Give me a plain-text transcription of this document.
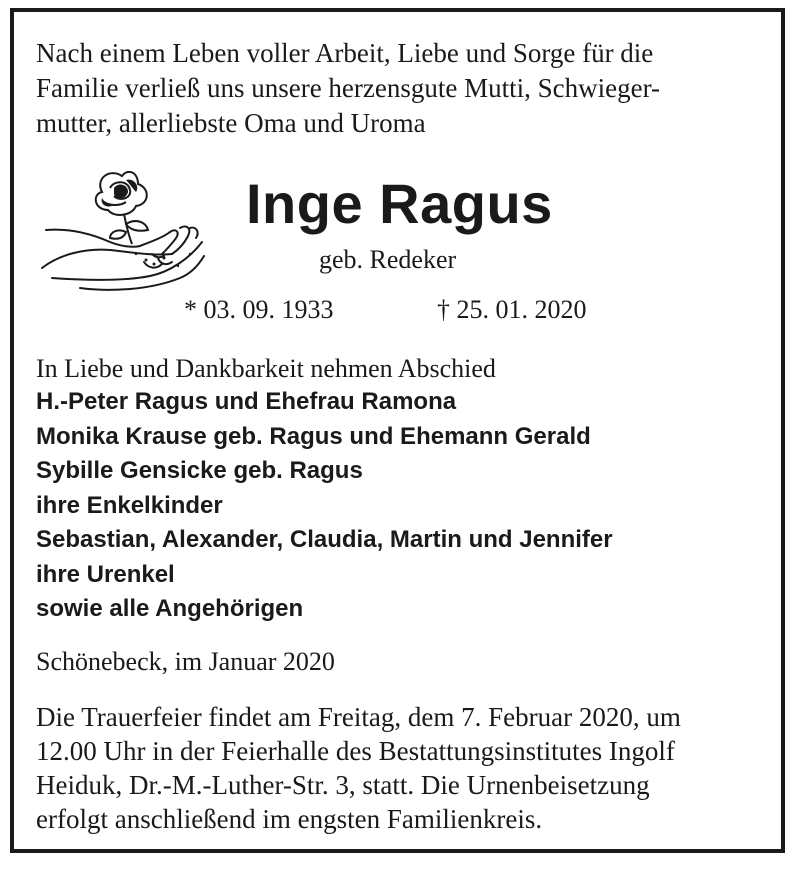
Nach einem Leben voller Arbeit, Liebe und Sorge für die
Familie verließ uns unsere herzensgute Mutti, Schwieger-
mutter, allerliebste Oma und Uroma
Inge Ragus
geb. Redeker
* 03. 09. 1933	† 25. 01. 2020
In Liebe und Dankbarkeit nehmen Abschied
H.-Peter Ragus und Ehefrau Ramona
Monika Krause geb. Ragus und Ehemann Gerald
Sybille Gensicke geb. Ragus
ihre Enkelkinder
Sebastian, Alexander, Claudia, Martin und Jennifer
ihre Urenkel
sowie alle Angehörigen
Schönebeck, im Januar 2020
Die Trauerfeier findet am Freitag, dem 7. Februar 2020, um
12.00 Uhr in der Feierhalle des Bestattungsinstitutes Ingolf
Heiduk, Dr.-M.-Luther-Str. 3, statt. Die Urnenbeisetzung
erfolgt anschließend im engsten Familienkreis.
